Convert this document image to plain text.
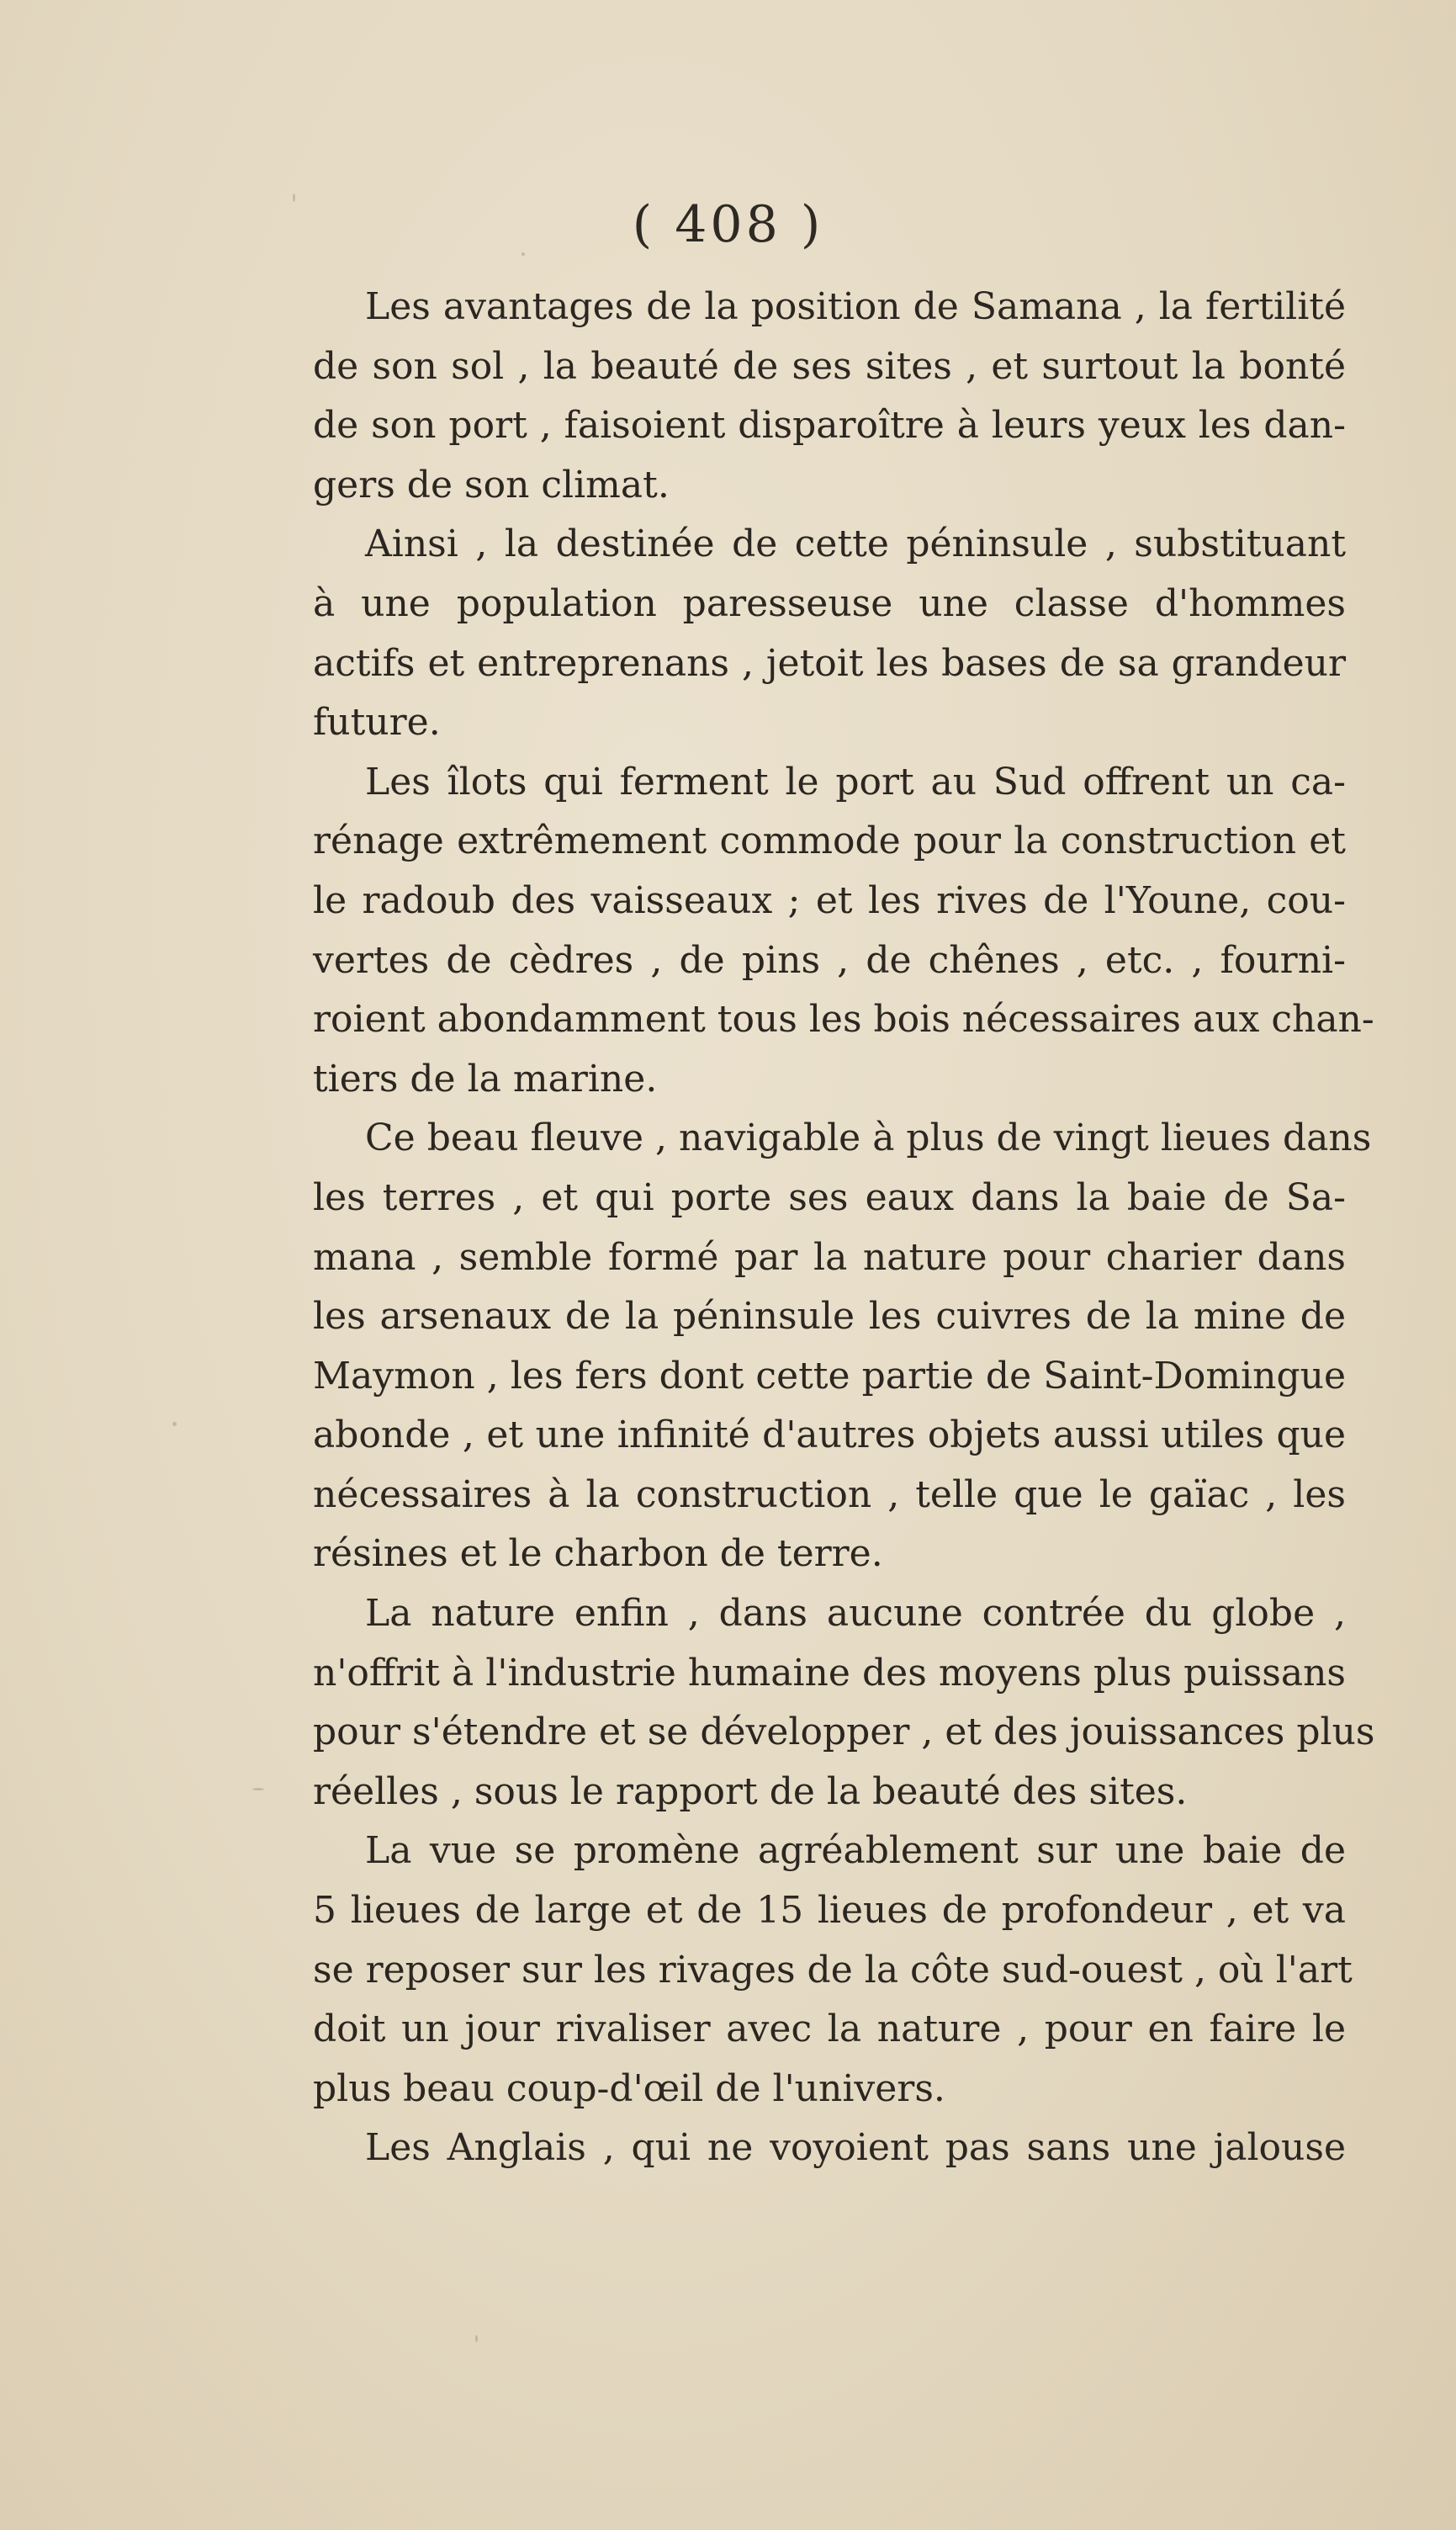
( 408 )

Les avantages de la position de Samana , la fertilité
de son sol , la beauté de ses sites , et surtout la bonté
de son port , faisoient disparoître à leurs yeux les dan-
gers de son climat.

Ainsi , la destinée de cette péninsule , substituant
à une population paresseuse une classe d'hommes
actifs et entreprenans , jetoit les bases de sa grandeur
future.

Les îlots qui ferment le port au Sud offrent un ca-
rénage extrêmement commode pour la construction et
le radoub des vaisseaux ; et les rives de l'Youne, cou-
vertes de cèdres , de pins , de chênes , etc. , fourni-
roient abondamment tous les bois nécessaires aux chan-
tiers de la marine.

Ce beau fleuve , navigable à plus de vingt lieues dans
les terres , et qui porte ses eaux dans la baie de Sa-
mana , semble formé par la nature pour charier dans
les arsenaux de la péninsule les cuivres de la mine de
Maymon , les fers dont cette partie de Saint-Domingue
abonde , et une infinité d'autres objets aussi utiles que
nécessaires à la construction , telle que le gaïac , les
résines et le charbon de terre.

La nature enfin , dans aucune contrée du globe ,
n'offrit à l'industrie humaine des moyens plus puissans
pour s'étendre et se développer , et des jouissances plus
réelles , sous le rapport de la beauté des sites.

La vue se promène agréablement sur une baie de
5 lieues de large et de 15 lieues de profondeur , et va
se reposer sur les rivages de la côte sud-ouest , où l'art
doit un jour rivaliser avec la nature , pour en faire le
plus beau coup-d'œil de l'univers.

Les Anglais , qui ne voyoient pas sans une jalouse
